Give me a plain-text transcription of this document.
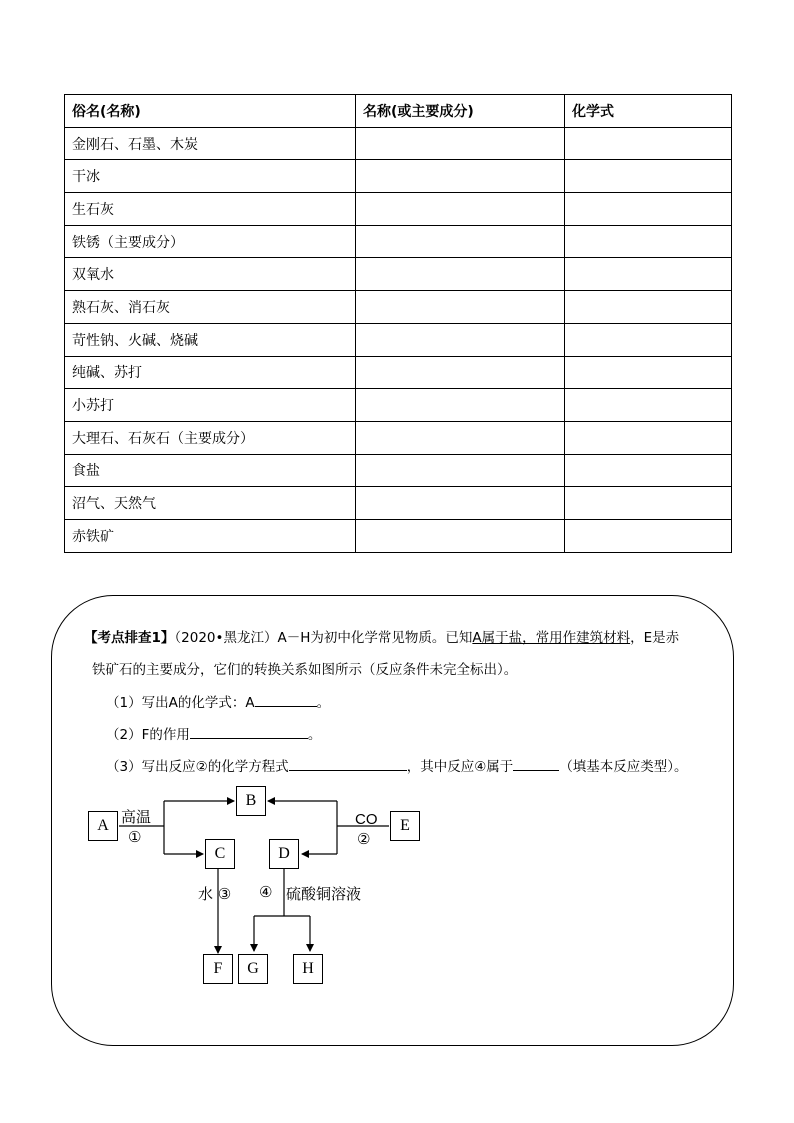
俗名(名称)	名称(或主要成分)	化学式
金刚石、石墨、木炭		
干冰		
生石灰		
铁锈（主要成分）		
双氧水		
熟石灰、消石灰		
苛性钠、火碱、烧碱		
纯碱、苏打		
小苏打		
大理石、石灰石（主要成分）		
食盐		
沼气、天然气		
赤铁矿		
【考点排查1】（2020•黑龙江）A－H为初中化学常见物质。已知A属于盐，常用作建筑材料，E是赤
铁矿石的主要成分，它们的转换关系如图所示（反应条件未完全标出）。
（1）写出A的化学式：A	。
（2）F的作用	。
（3）写出反应②的化学方程式	，其中反应④属于	（填基本反应类型）。
A
B
C	D
E
F	G	H
高温
①
CO
②
水 ③ ④ 硫酸铜溶液
